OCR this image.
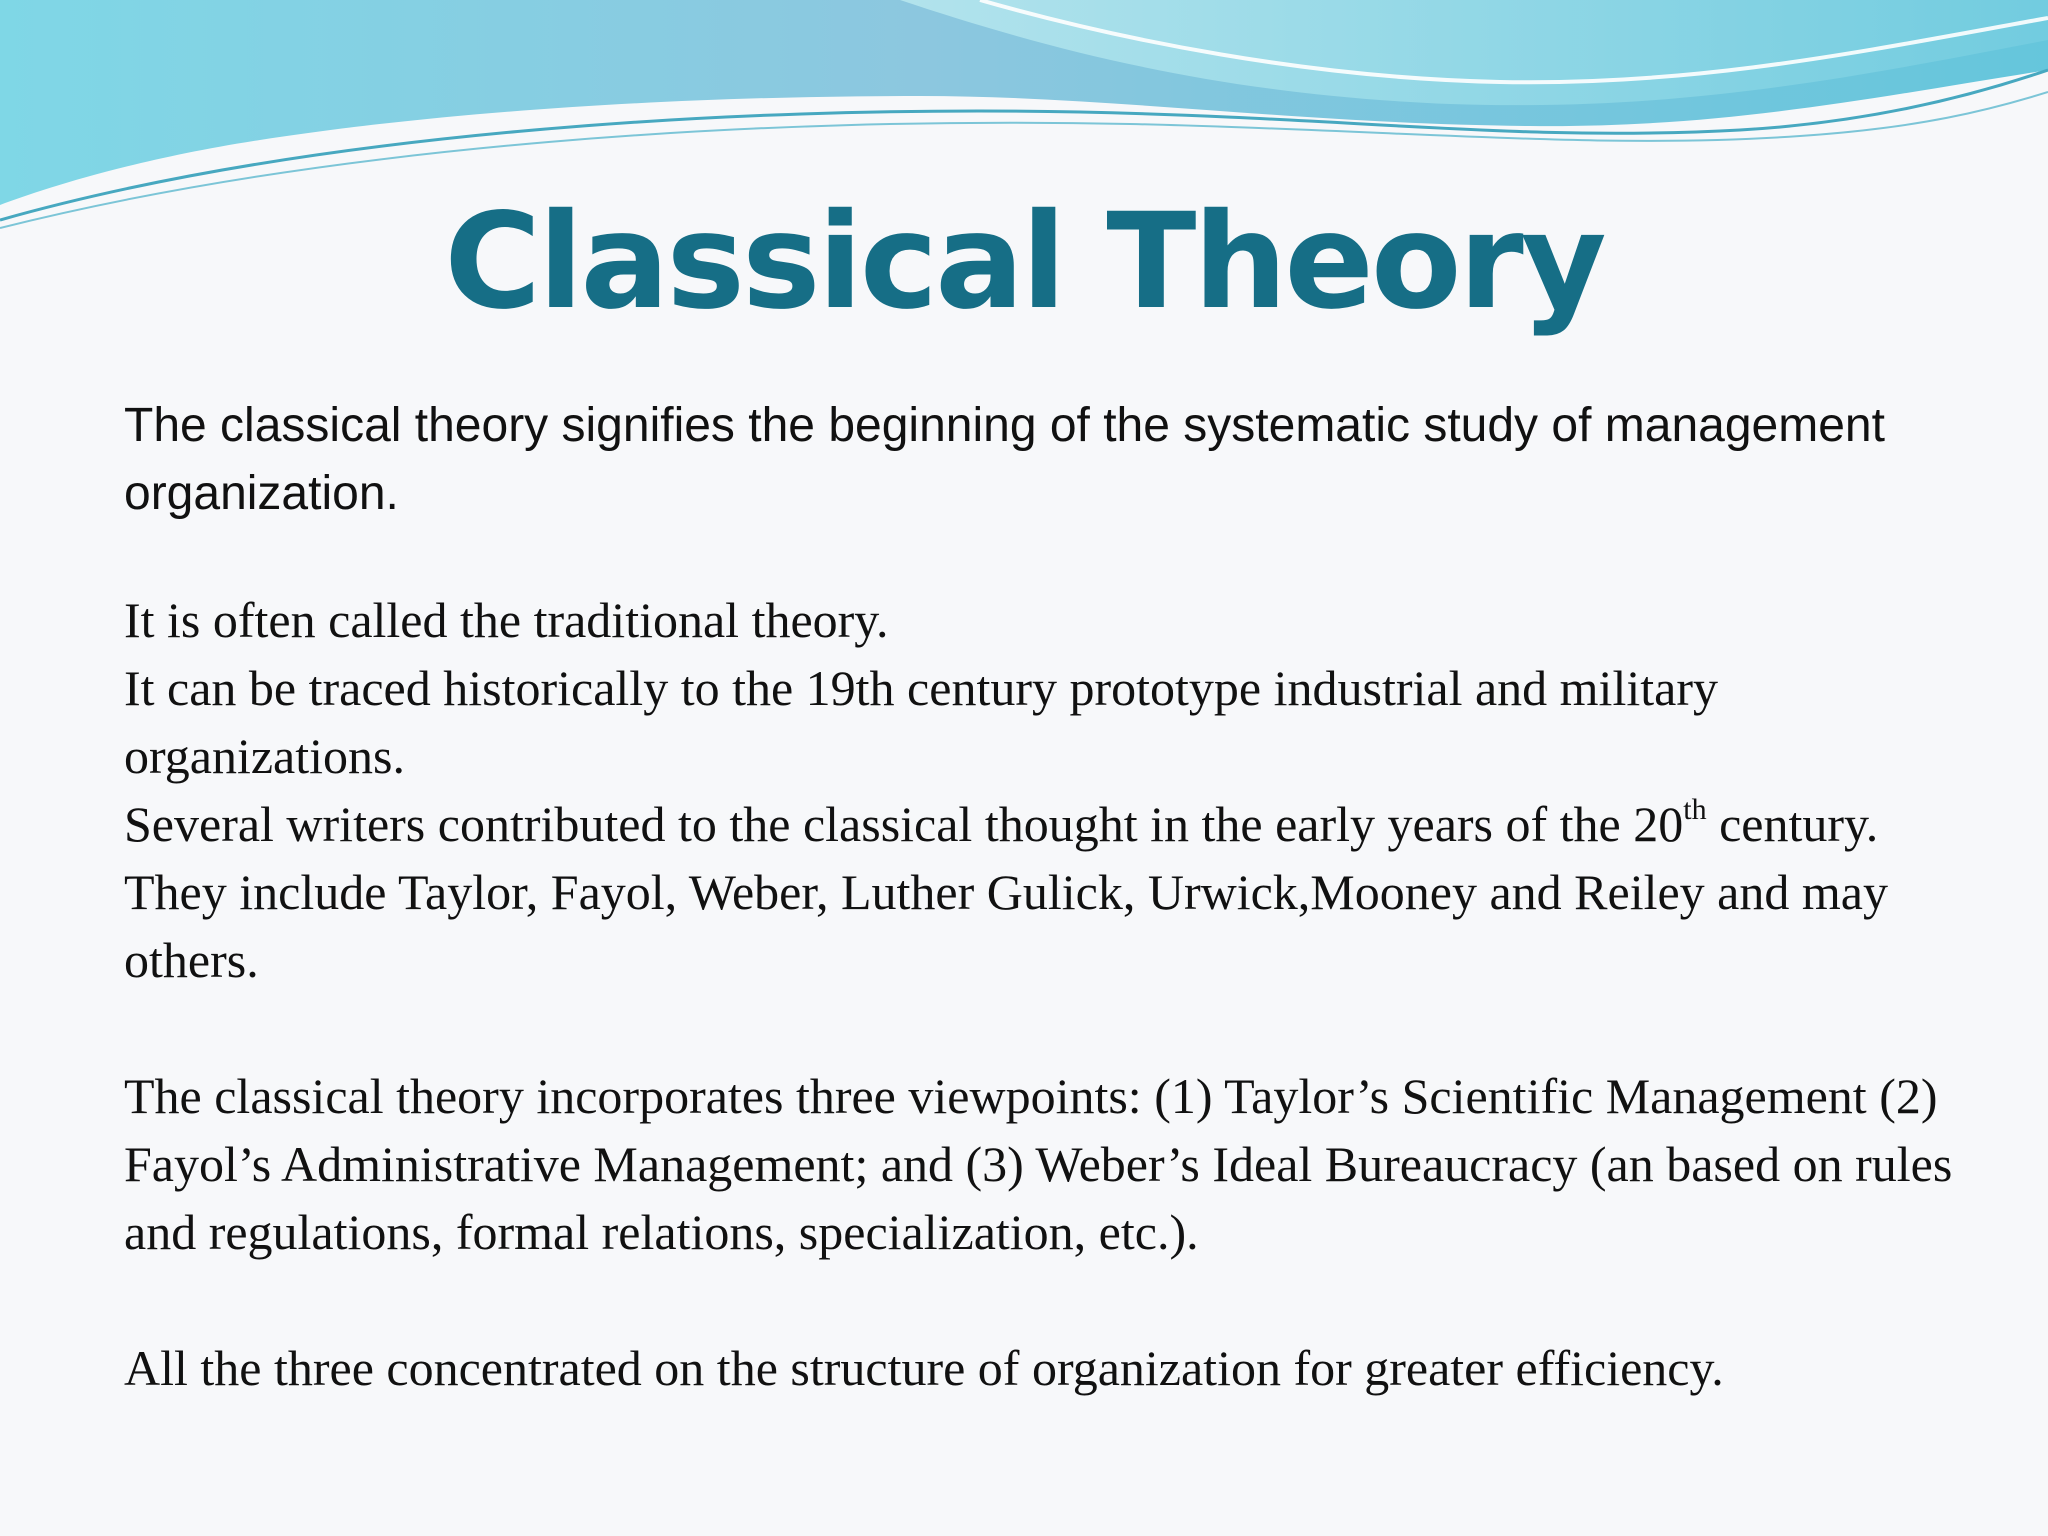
Classical Theory

The classical theory signifies the beginning of the systematic study of management organization.

It is often called the traditional theory.

It can be traced historically to the 19th century prototype industrial and military organizations.

Several writers contributed to the classical thought in the early years of the 20th century. They include Taylor, Fayol, Weber, Luther Gulick, Urwick,Mooney and Reiley and may others.

The classical theory incorporates three viewpoints: (1) Taylor’s Scientific Management (2) Fayol’s Administrative Management; and (3) Weber’s Ideal Bureaucracy (an based on rules and regulations, formal relations, specialization, etc.).

All the three concentrated on the structure of organization for greater efficiency.
